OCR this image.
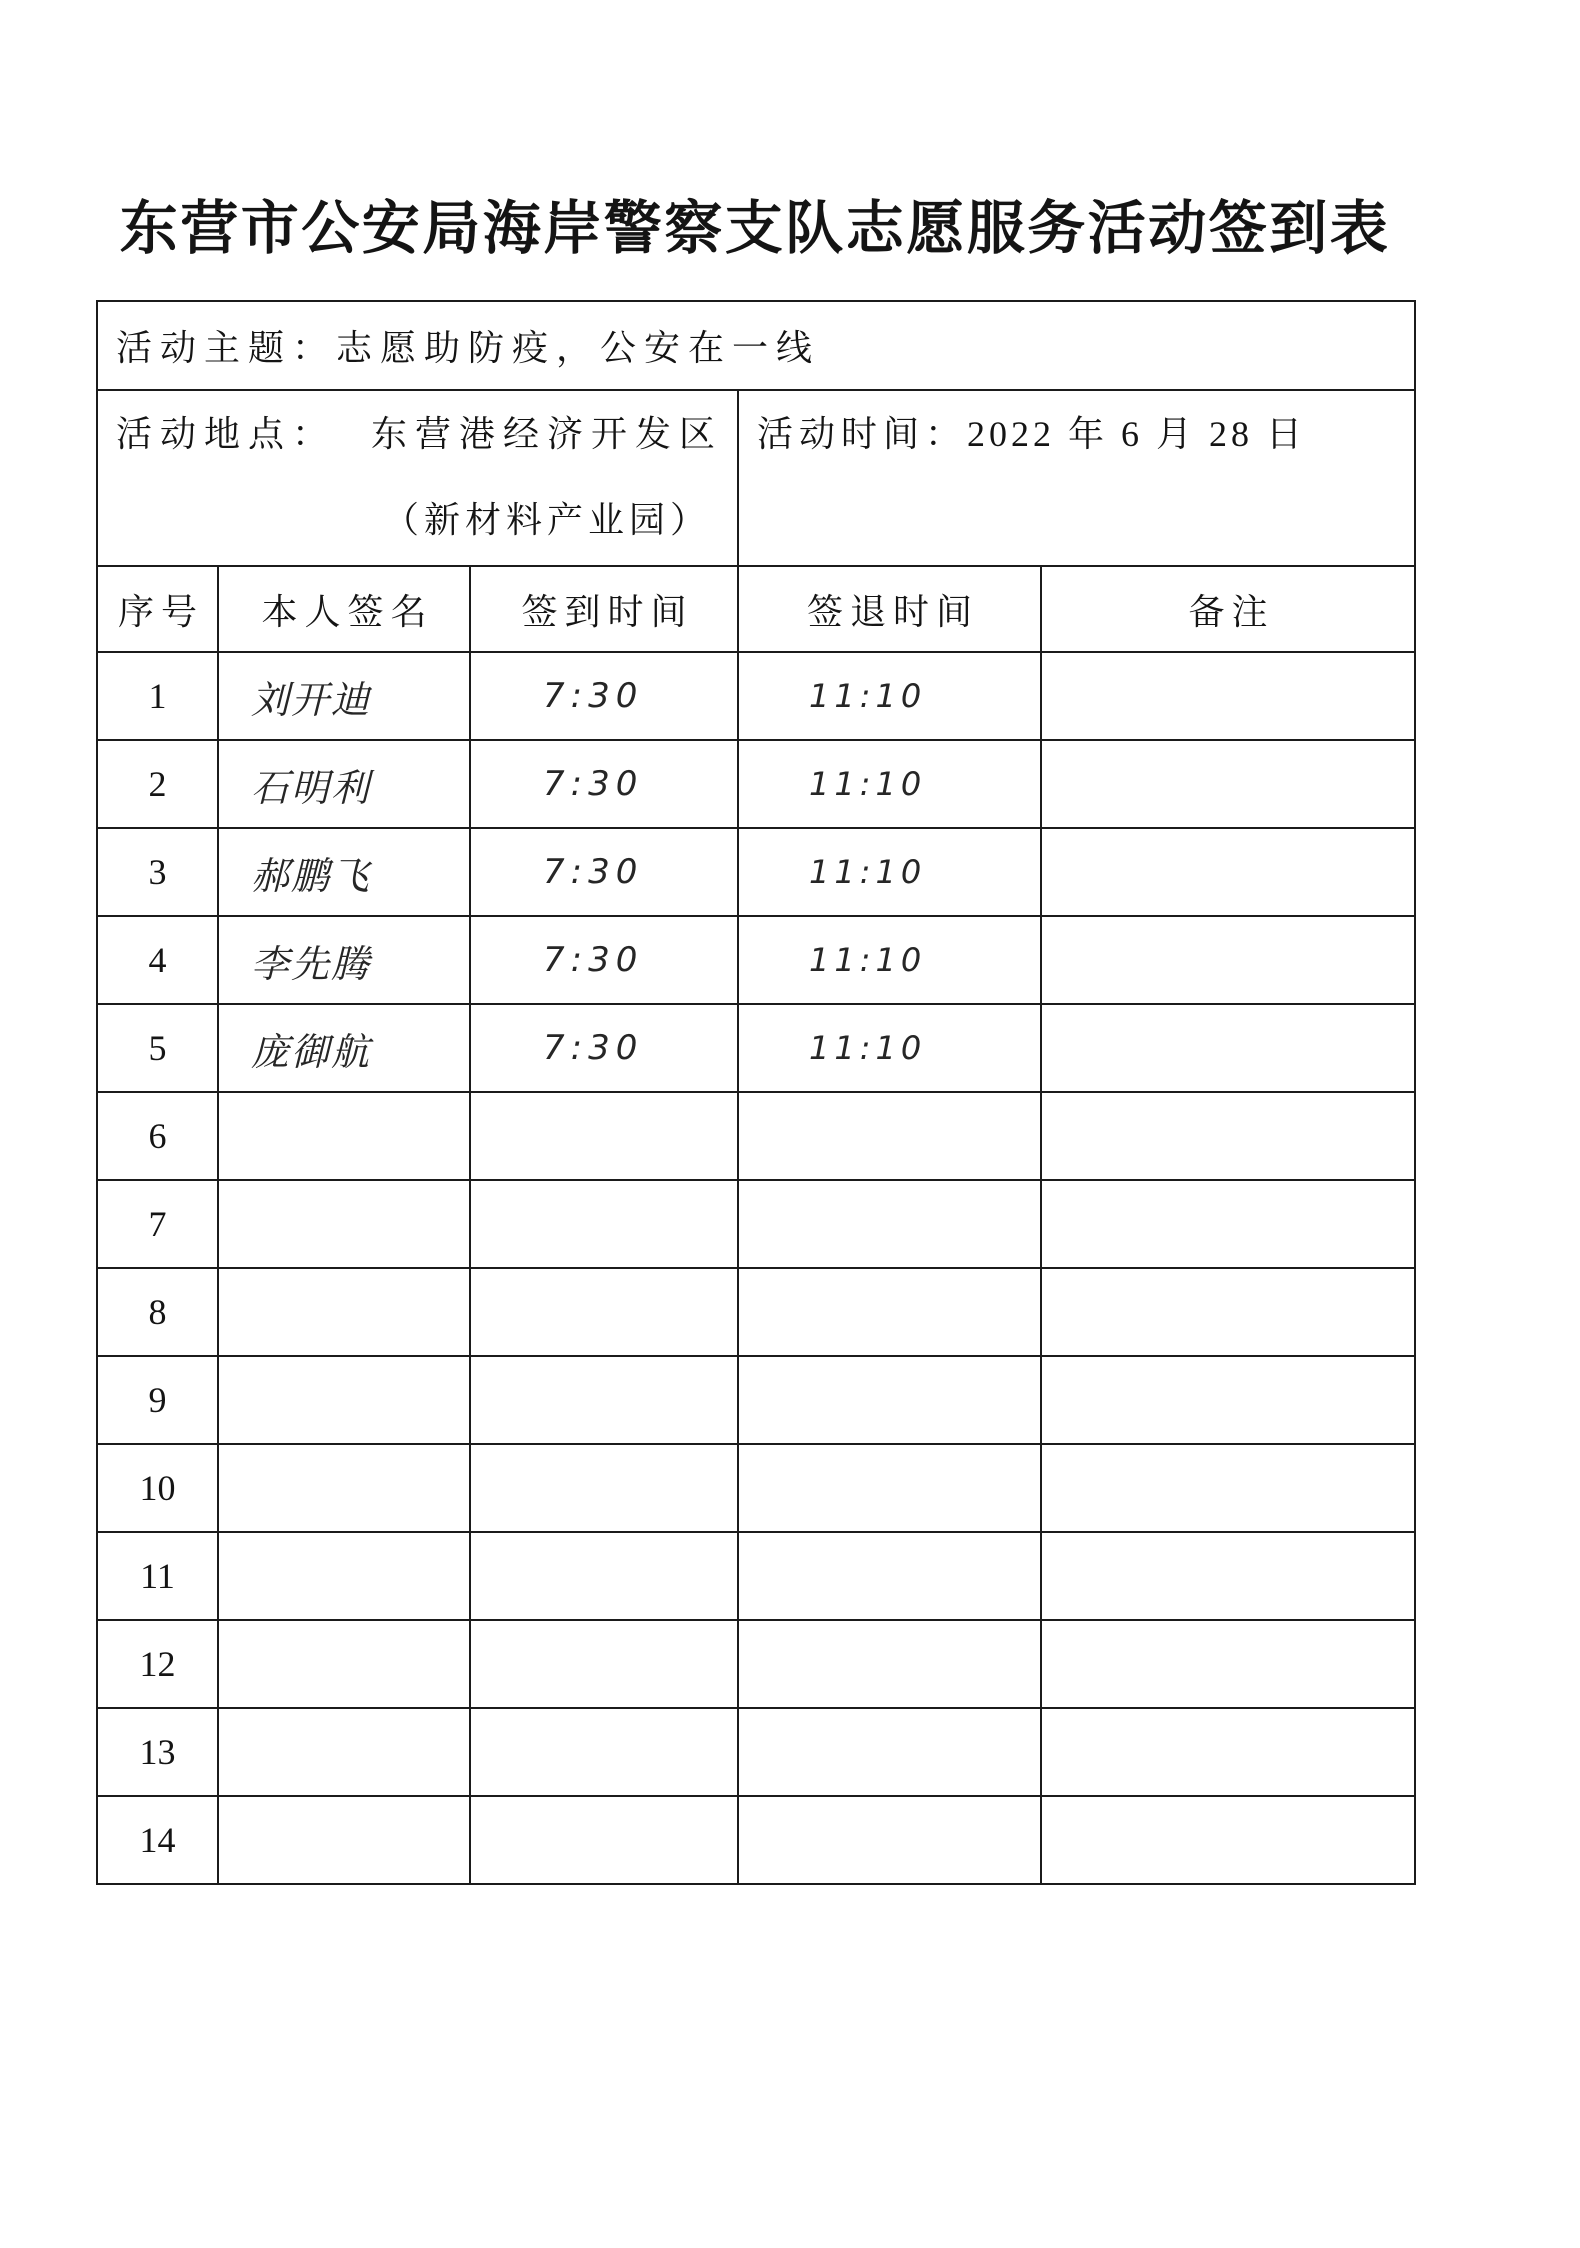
东营市公安局海岸警察支队志愿服务活动签到表
活动主题：志愿助防疫，公安在一线				

活动地点： 东营港经济开发区
（新材料产业园）			活动时间：2022 年 6 月 28 日	

序号	本人签名	签到时间	签退时间	备注
1	刘开迪	7:30	11:10	
2	石明利	7:30	11:10	
3	郝鹏飞	7:30	11:10	
4	李先腾	7:30	11:10	
5	庞御航	7:30	11:10	
6				
7				
8				
9				
10				
11				
12				
13				
14				
